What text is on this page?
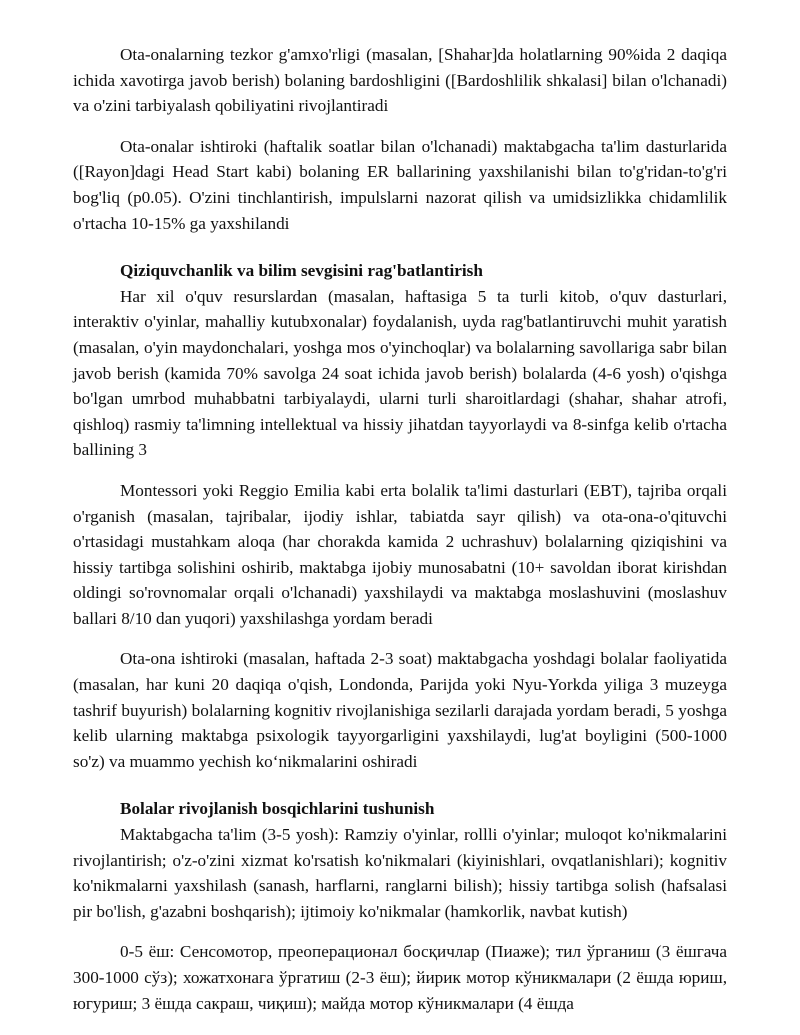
Ota-onalarning tezkor g'amxo'rligi (masalan, [Shahar]da holatlarning 90%ida 2 daqiqa ichida xavotirga javob berish) bolaning bardoshligini ([Bardoshlilik shkalasi] bilan o'lchanadi) va o'zini tarbiyalash qobiliyatini rivojlantiradi

Ota-onalar ishtiroki (haftalik soatlar bilan o'lchanadi) maktabgacha ta'lim dasturlarida ([Rayon]dagi Head Start kabi) bolaning ER ballarining yaxshilanishi bilan to'g'ridan-to'g'ri bog'liq (p0.05). O'zini tinchlantirish, impulslarni nazorat qilish va umidsizlikka chidamlilik o'rtacha 10-15% ga yaxshilandi

Qiziquvchanlik va bilim sevgisini rag'batlantirish

Har xil o'quv resurslardan (masalan, haftasiga 5 ta turli kitob, o'quv dasturlari, interaktiv o'yinlar, mahalliy kutubxonalar) foydalanish, uyda rag'batlantiruvchi muhit yaratish (masalan, o'yin maydonchalari, yoshga mos o'yinchoqlar) va bolalarning savollariga sabr bilan javob berish (kamida 70% savolga 24 soat ichida javob berish) bolalarda (4-6 yosh) o'qishga bo'lgan umrbod muhabbatni tarbiyalaydi, ularni turli sharoitlardagi (shahar, shahar atrofi, qishloq) rasmiy ta'limning intellektual va hissiy jihatdan tayyorlaydi va 8-sinfga kelib o'rtacha ballining 3

Montessori yoki Reggio Emilia kabi erta bolalik ta'limi dasturlari (EBT), tajriba orqali o'rganish (masalan, tajribalar, ijodiy ishlar, tabiatda sayr qilish) va ota-ona-o'qituvchi o'rtasidagi mustahkam aloqa (har chorakda kamida 2 uchrashuv) bolalarning qiziqishini va hissiy tartibga solishini oshirib, maktabga ijobiy munosabatni (10+ savoldan iborat kirishdan oldingi so'rovnomalar orqali o'lchanadi) yaxshilaydi va maktabga moslashuvini (moslashuv ballari 8/10 dan yuqori) yaxshilashga yordam beradi

Ota-ona ishtiroki (masalan, haftada 2-3 soat) maktabgacha yoshdagi bolalar faoliyatida (masalan, har kuni 20 daqiqa o'qish, Londonda, Parijda yoki Nyu-Yorkda yiliga 3 muzeyga tashrif buyurish) bolalarning kognitiv rivojlanishiga sezilarli darajada yordam beradi, 5 yoshga kelib ularning maktabga psixologik tayyorgarligini yaxshilaydi, lug'at boyligini (500-1000 so'z) va muammo yechish koʻnikmalarini oshiradi

Bolalar rivojlanish bosqichlarini tushunish

Maktabgacha ta'lim (3-5 yosh): Ramziy o'yinlar, rollli o'yinlar; muloqot ko'nikmalarini rivojlantirish; o'z-o'zini xizmat ko'rsatish ko'nikmalari (kiyinishlari, ovqatlanishlari); kognitiv ko'nikmalarni yaxshilash (sanash, harflarni, ranglarni bilish); hissiy tartibga solish (hafsalasi pir bo'lish, g'azabni boshqarish); ijtimoiy ko'nikmalar (hamkorlik, navbat kutish)

0-5 ёш: Сенсомотор, преоперационал босқичлар (Пиаже); тил ўрганиш (3 ёшгача 300-1000 сўз); хожатхонага ўргатиш (2-3 ёш); йирик мотор кўникмалари (2 ёшда юриш, югуриш; 3 ёшда сакраш, чиқиш); майда мотор кўникмалари (4 ёшда
